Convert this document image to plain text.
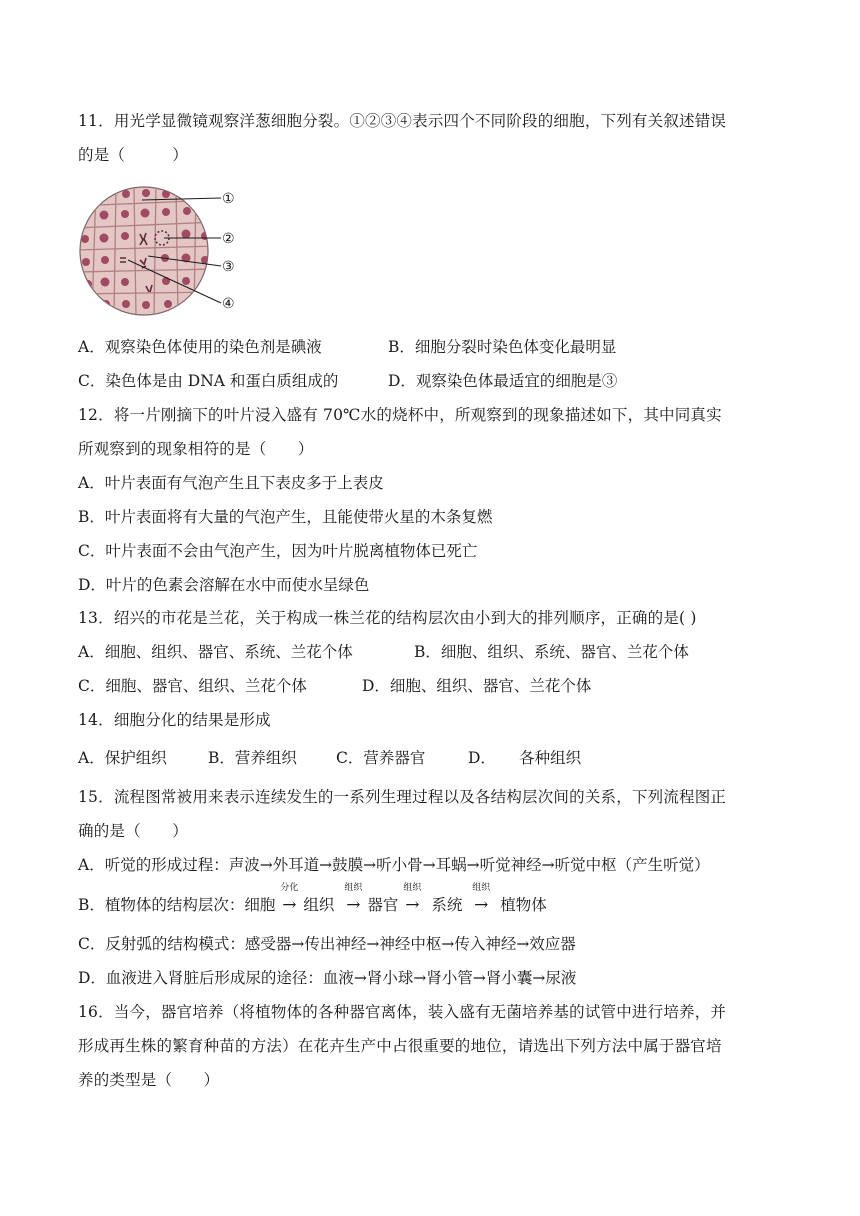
11．用光学显微镜观察洋葱细胞分裂。①②③④表示四个不同阶段的细胞，下列有关叙述错误
的是（　　　）
①
②
③
④
A．观察染色体使用的染色剂是碘液	B．细胞分裂时染色体变化最明显
C．染色体是由 DNA 和蛋白质组成的	D．观察染色体最适宜的细胞是③
12．将一片刚摘下的叶片浸入盛有 70℃水的烧杯中，所观察到的现象描述如下，其中同真实
所观察到的现象相符的是（　　）
A．叶片表面有气泡产生且下表皮多于上表皮
B．叶片表面将有大量的气泡产生，且能使带火星的木条复燃
C．叶片表面不会由气泡产生，因为叶片脱离植物体已死亡
D．叶片的色素会溶解在水中而使水呈绿色
13．绍兴的市花是兰花，关于构成一株兰花的结构层次由小到大的排列顺序，正确的是( )
A．细胞、组织、器官、系统、兰花个体	B．细胞、组织、系统、器官、兰花个体
C．细胞、器官、组织、兰花个体	D．细胞、组织、器官、兰花个体
14．细胞分化的结果是形成
A．保护组织	B．营养组织	C．营养器官	D．　　各种组织
15．流程图常被用来表示连续发生的一系列生理过程以及各结构层次间的关系，下列流程图正
确的是（　　）
A．听觉的形成过程：声波→外耳道→鼓膜→听小骨→耳蜗→听觉神经→听觉中枢（产生听觉）
B．植物体的结构层次：细胞
分化
→ 组织
组织
→ 器官
组织
→ 系统
组织
→ 植物体
C．反射弧的结构模式：感受器→传出神经→神经中枢→传入神经→效应器
D．血液进入肾脏后形成尿的途径：血液→肾小球→肾小管→肾小囊→尿液
16．当今，器官培养（将植物体的各种器官离体，装入盛有无菌培养基的试管中进行培养，并
形成再生株的繁育种苗的方法）在花卉生产中占很重要的地位，请选出下列方法中属于器官培
养的类型是（　　）
